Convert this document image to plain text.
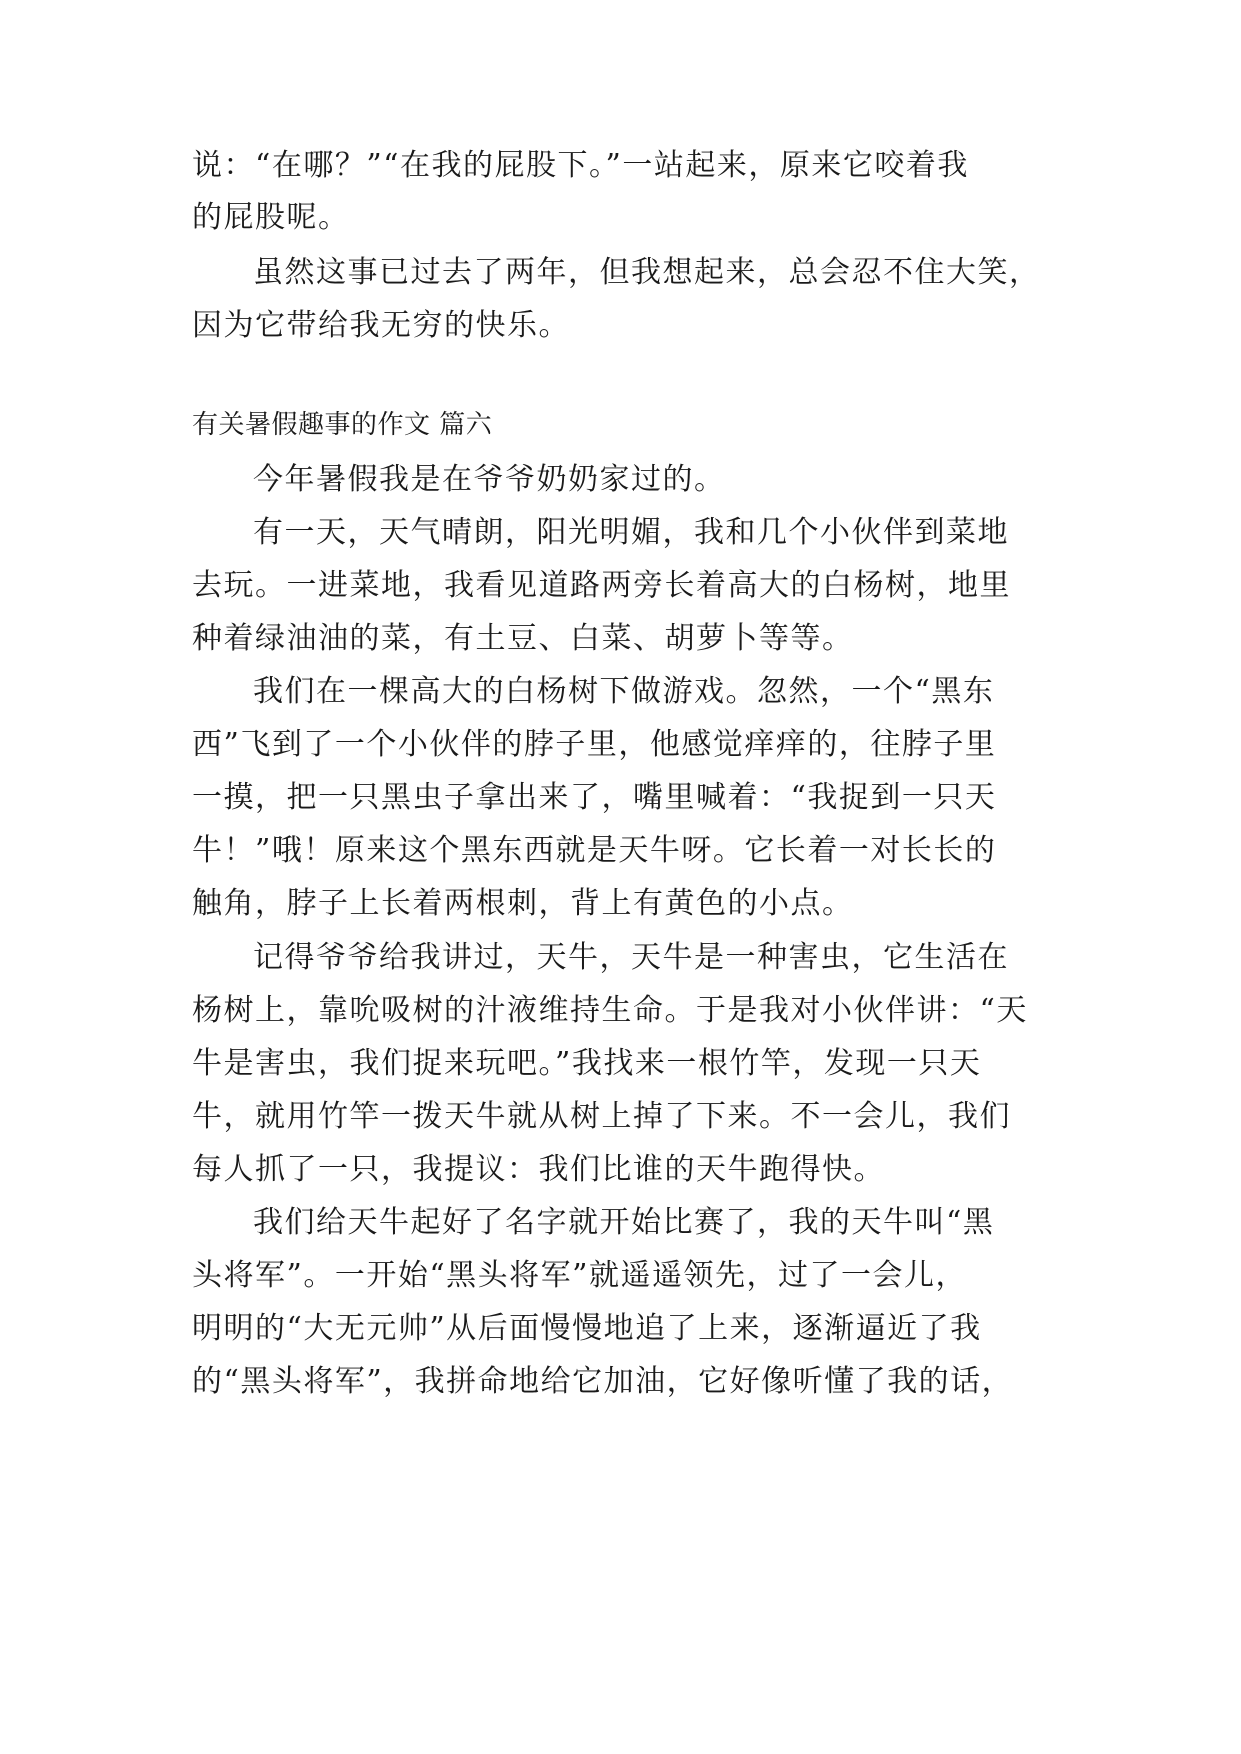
说：“在哪？”“在我的屁股下。”一站起来，原来它咬着我
的屁股呢。
虽然这事已过去了两年，但我想起来，总会忍不住大笑，
因为它带给我无穷的快乐。
有关暑假趣事的作文 篇六
今年暑假我是在爷爷奶奶家过的。
有一天，天气晴朗，阳光明媚，我和几个小伙伴到菜地
去玩。一进菜地，我看见道路两旁长着高大的白杨树，地里
种着绿油油的菜，有土豆、白菜、胡萝卜等等。
我们在一棵高大的白杨树下做游戏。忽然，一个“黑东
西”飞到了一个小伙伴的脖子里，他感觉痒痒的，往脖子里
一摸，把一只黑虫子拿出来了，嘴里喊着：“我捉到一只天
牛！”哦！原来这个黑东西就是天牛呀。它长着一对长长的
触角，脖子上长着两根刺，背上有黄色的小点。
记得爷爷给我讲过，天牛，天牛是一种害虫，它生活在
杨树上，靠吮吸树的汁液维持生命。于是我对小伙伴讲：“天
牛是害虫，我们捉来玩吧。”我找来一根竹竿，发现一只天
牛，就用竹竿一拨天牛就从树上掉了下来。不一会儿，我们
每人抓了一只，我提议：我们比谁的天牛跑得快。
我们给天牛起好了名字就开始比赛了，我的天牛叫“黑
头将军”。一开始“黑头将军”就遥遥领先，过了一会儿，
明明的“大无元帅”从后面慢慢地追了上来，逐渐逼近了我
的“黑头将军”，我拼命地给它加油，它好像听懂了我的话，
